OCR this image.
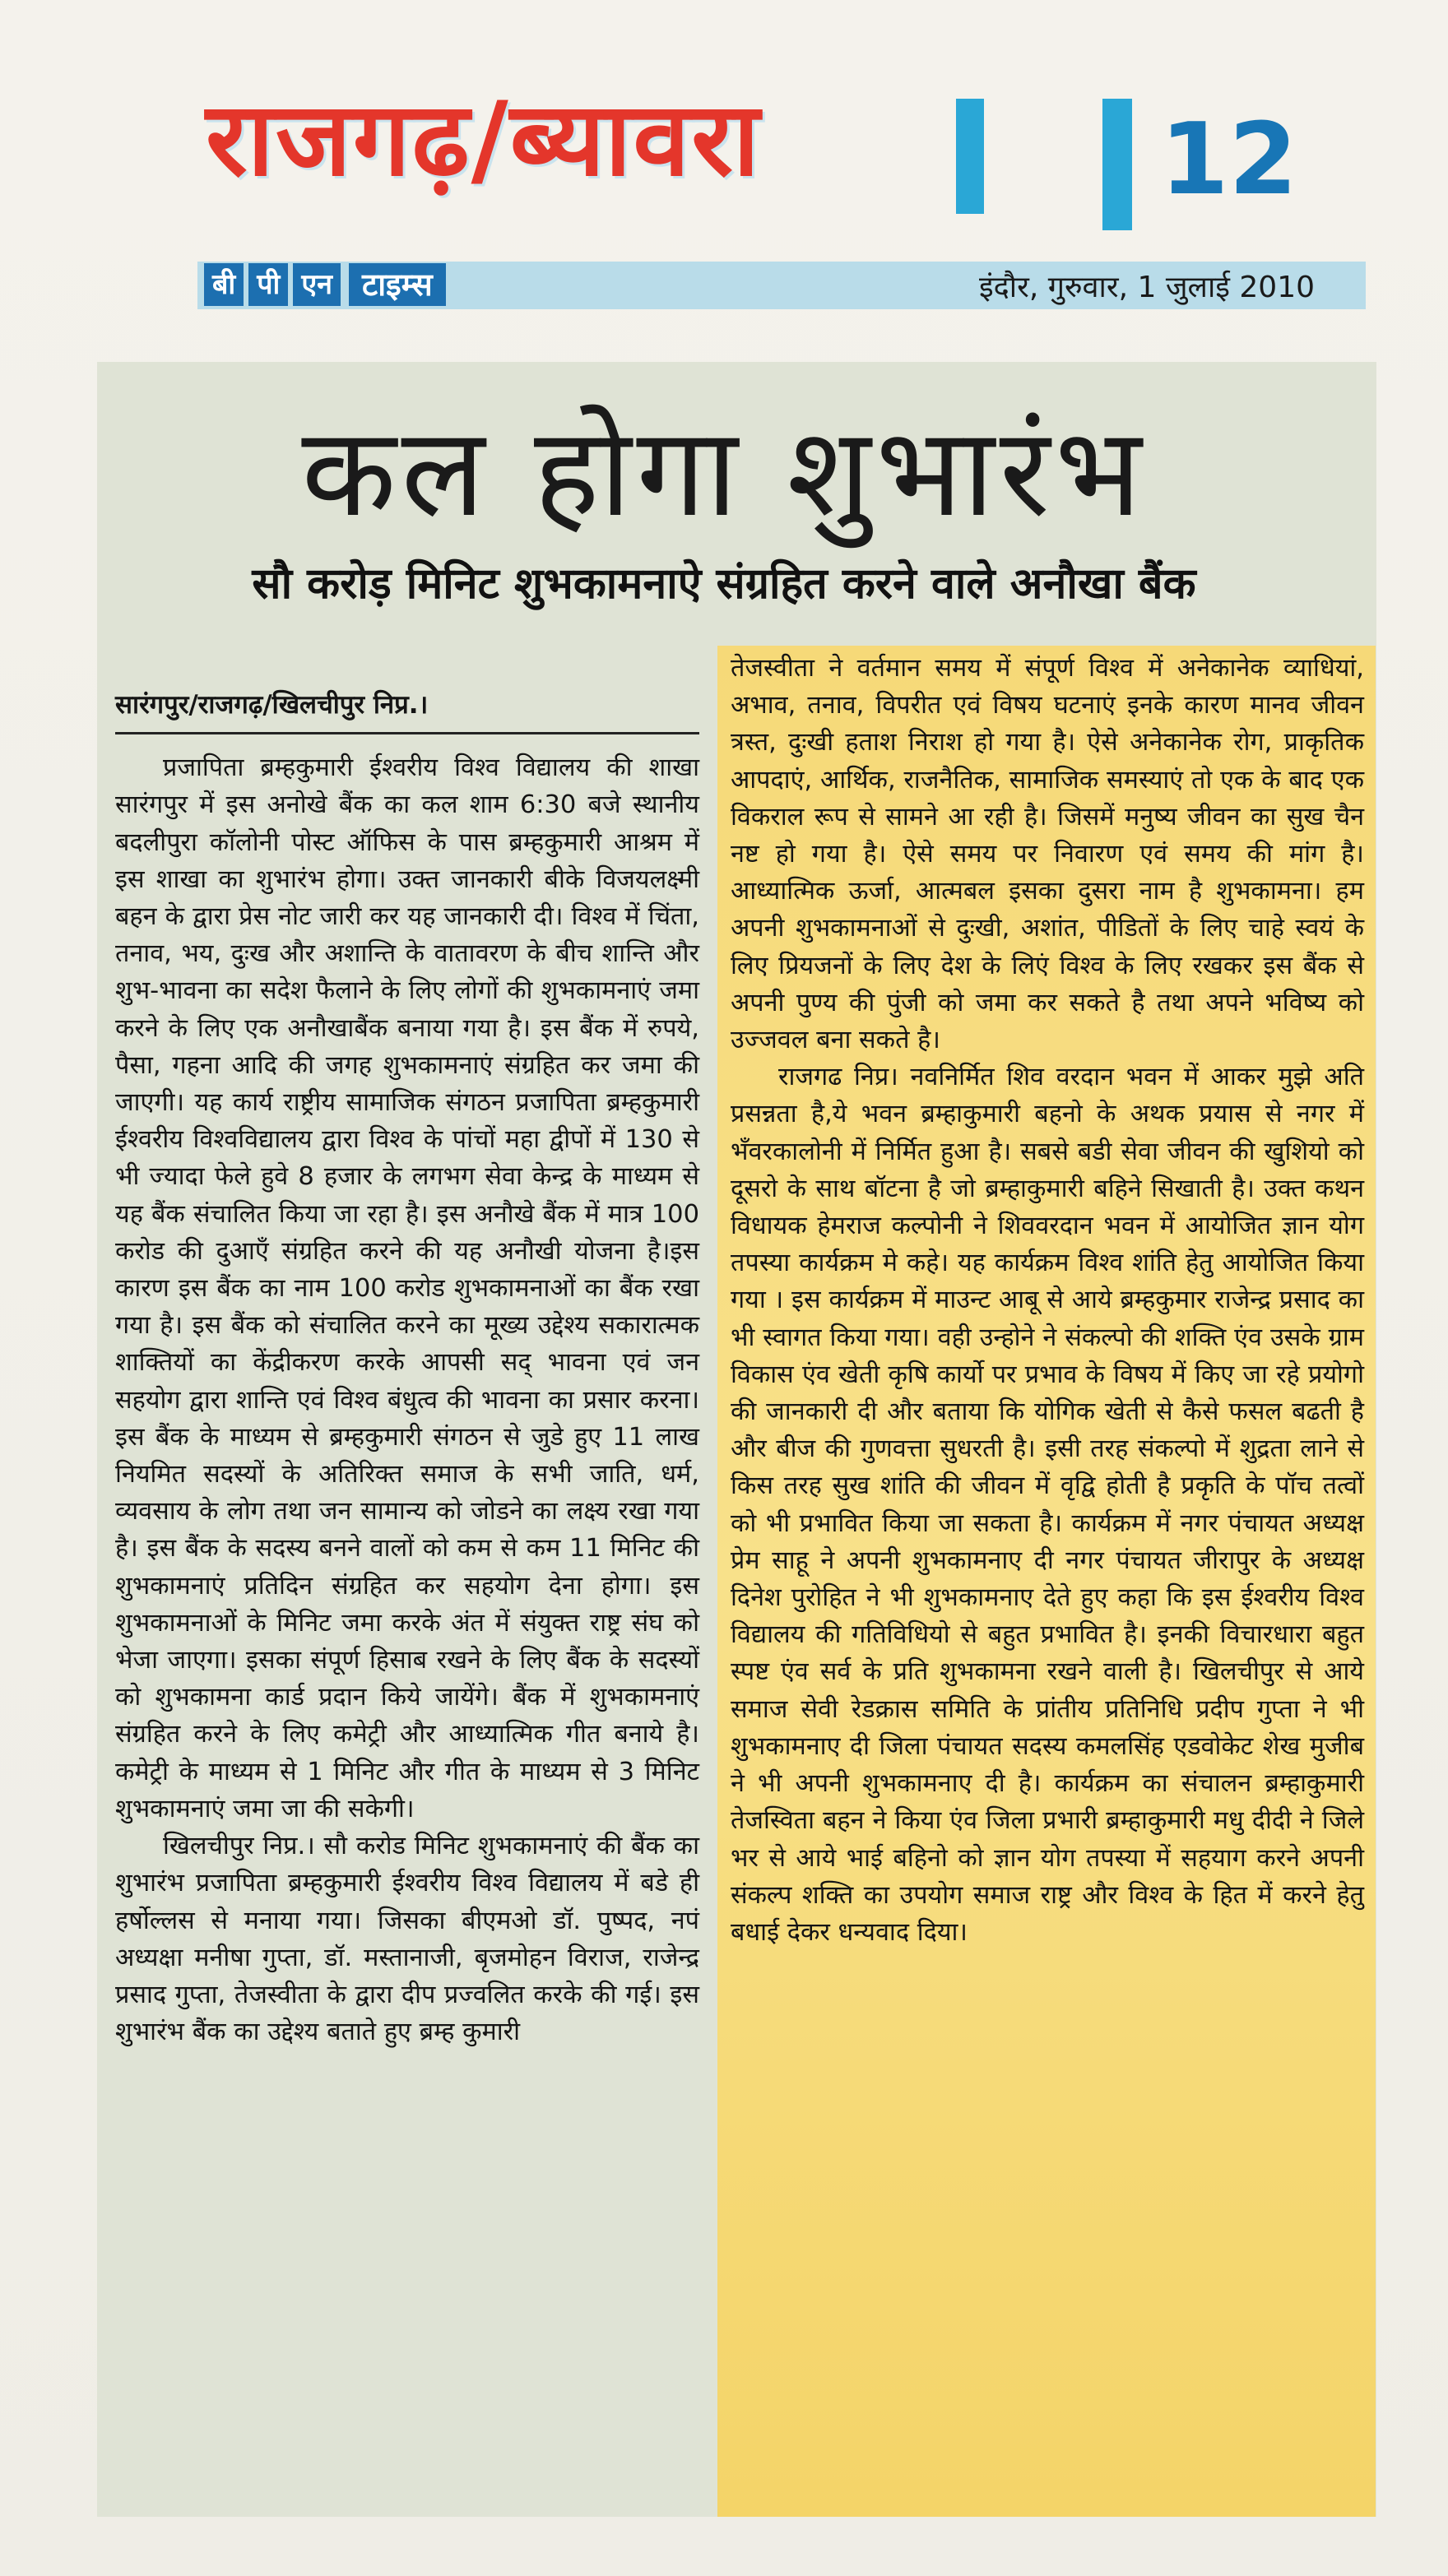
राजगढ़/ब्यावरा	12
बी पी एन टाइम्स	इंदौर, गुरुवार, 1 जुलाई 2010
कल होगा शुभारंभ
सौ करोड़ मिनिट शुभकामनाऐ संग्रहित करने वाले अनौखा बैंक

सारंगपुर/राजगढ़/खिलचीपुर निप्र.।

प्रजापिता ब्रम्हकुमारी ईश्वरीय विश्व विद्यालय की शाखा सारंगपुर में इस अनोखे बैंक का कल शाम 6:30 बजे स्थानीय बदलीपुरा कॉलोनी पोस्ट ऑफिस के पास ब्रम्हकुमारी आश्रम में इस शाखा का शुभारंभ होगा। उक्त जानकारी बीके विजयलक्ष्मी बहन के द्वारा प्रेस नोट जारी कर यह जानकारी दी। विश्व में चिंता, तनाव, भय, दुःख और अशान्ति के वातावरण के बीच शान्ति और शुभ-भावना का सदेश फैलाने के लिए लोगों की शुभकामनाएं जमा करने के लिए एक अनौखाबैंक बनाया गया है। इस बैंक में रुपये, पैसा, गहना आदि की जगह शुभकामनाएं संग्रहित कर जमा की जाएगी। यह कार्य राष्ट्रीय सामाजिक संगठन प्रजापिता ब्रम्हकुमारी ईश्वरीय विश्वविद्यालय द्वारा विश्व के पांचों महा द्वीपों में 130 से भी ज्यादा फेले हुवे 8 हजार के लगभग सेवा केन्द्र के माध्यम से यह बैंक संचालित किया जा रहा है। इस अनौखे बैंक में मात्र 100 करोड की दुआएँ संग्रहित करने की यह अनौखी योजना है।इस कारण इस बैंक का नाम 100 करोड शुभकामनाओं का बैंक रखा गया है। इस बैंक को संचालित करने का मूख्य उद्देश्य सकारात्मक शाक्तियों का केंद्रीकरण करके आपसी सद् भावना एवं जन सहयोग द्वारा शान्ति एवं विश्व बंधुत्व की भावना का प्रसार करना। इस बैंक के माध्यम से ब्रम्हकुमारी संगठन से जुडे हुए 11 लाख नियमित सदस्यों के अतिरिक्त समाज के सभी जाति, धर्म, व्यवसाय के लोग तथा जन सामान्य को जोडने का लक्ष्य रखा गया है। इस बैंक के सदस्य बनने वालों को कम से कम 11 मिनिट की शुभकामनाएं प्रतिदिन संग्रहित कर सहयोग देना होगा। इस शुभकामनाओं के मिनिट जमा करके अंत में संयुक्त राष्ट्र संघ को भेजा जाएगा। इसका संपूर्ण हिसाब रखने के लिए बैंक के सदस्यों को शुभकामना कार्ड प्रदान किये जायेंगे। बैंक में शुभकामनाएं संग्रहित करने के लिए कमेट्री और आध्यात्मिक गीत बनाये है। कमेट्री के माध्यम से 1 मिनिट और गीत के माध्यम से 3 मिनिट शुभकामनाएं जमा जा की सकेगी।

खिलचीपुर निप्र.। सौ करोड मिनिट शुभकामनाएं की बैंक का शुभारंभ प्रजापिता ब्रम्हकुमारी ईश्वरीय विश्व विद्यालय में बडे ही हर्षोल्लस से मनाया गया। जिसका बीएमओ डॉ. पुष्पद, नपं अध्यक्षा मनीषा गुप्ता, डॉ. मस्तानाजी, बृजमोहन विराज, राजेन्द्र प्रसाद गुप्ता, तेजस्वीता के द्वारा दीप प्रज्वलित करके की गई। इस शुभारंभ बैंक का उद्देश्य बताते हुए ब्रम्ह कुमारी

तेजस्वीता ने वर्तमान समय में संपूर्ण विश्व में अनेकानेक व्याधियां, अभाव, तनाव, विपरीत एवं विषय घटनाएं इनके कारण मानव जीवन त्रस्त, दुःखी हताश निराश हो गया है। ऐसे अनेकानेक रोग, प्राकृतिक आपदाएं, आर्थिक, राजनैतिक, सामाजिक समस्याएं तो एक के बाद एक विकराल रूप से सामने आ रही है। जिसमें मनुष्य जीवन का सुख चैन नष्ट हो गया है। ऐसे समय पर निवारण एवं समय की मांग है। आध्यात्मिक ऊर्जा, आत्मबल इसका दुसरा नाम है शुभकामना। हम अपनी शुभकामनाओं से दुःखी, अशांत, पीडितों के लिए चाहे स्वयं के लिए प्रियजनों के लिए देश के लिएं विश्व के लिए रखकर इस बैंक से अपनी पुण्य की पुंजी को जमा कर सकते है तथा अपने भविष्य को उज्जवल बना सकते है।

राजगढ निप्र। नवनिर्मित शिव वरदान भवन में आकर मुझे अति प्रसन्नता है,ये भवन ब्रम्हाकुमारी बहनो के अथक प्रयास से नगर में भँवरकालोनी में निर्मित हुआ है। सबसे बडी सेवा जीवन की खुशियो को दूसरो के साथ बॉटना है जो ब्रम्हाकुमारी बहिने सिखाती है। उक्त कथन विधायक हेमराज कल्पोनी ने शिववरदान भवन में आयोजित ज्ञान योग तपस्या कार्यक्रम मे कहे। यह कार्यक्रम विश्व शांति हेतु आयोजित किया गया । इस कार्यक्रम में माउन्ट आबू से आये ब्रम्हकुमार राजेन्द्र प्रसाद का भी स्वागत किया गया। वही उन्होने ने संकल्पो की शक्ति एंव उसके ग्राम विकास एंव खेती कृषि कार्यो पर प्रभाव के विषय में किए जा रहे प्रयोगो की जानकारी दी और बताया कि योगिक खेती से कैसे फसल बढती है और बीज की गुणवत्ता सुधरती है। इसी तरह संकल्पो में शुद्रता लाने से किस तरह सुख शांति की जीवन में वृद्वि होती है प्रकृति के पॉच तत्वों को भी प्रभावित किया जा सकता है। कार्यक्रम में नगर पंचायत अध्यक्ष प्रेम साहू ने अपनी शुभकामनाए दी नगर पंचायत जीरापुर के अध्यक्ष दिनेश पुरोहित ने भी शुभकामनाए देते हुए कहा कि इस ईश्वरीय विश्व विद्यालय की गतिविधियो से बहुत प्रभावित है। इनकी विचारधारा बहुत स्पष्ट एंव सर्व के प्रति शुभकामना रखने वाली है। खिलचीपुर से आये समाज सेवी रेडक्रास समिति के प्रांतीय प्रतिनिधि प्रदीप गुप्ता ने भी शुभकामनाए दी जिला पंचायत सदस्य कमलसिंह एडवोकेट शेख मुजीब ने भी अपनी शुभकामनाए दी है। कार्यक्रम का संचालन ब्रम्हाकुमारी तेजस्विता बहन ने किया एंव जिला प्रभारी ब्रम्हाकुमारी मधु दीदी ने जिले भर से आये भाई बहिनो को ज्ञान योग तपस्या में सहयाग करने अपनी संकल्प शक्ति का उपयोग समाज राष्ट्र और विश्व के हित में करने हेतु बधाई देकर धन्यवाद दिया।
